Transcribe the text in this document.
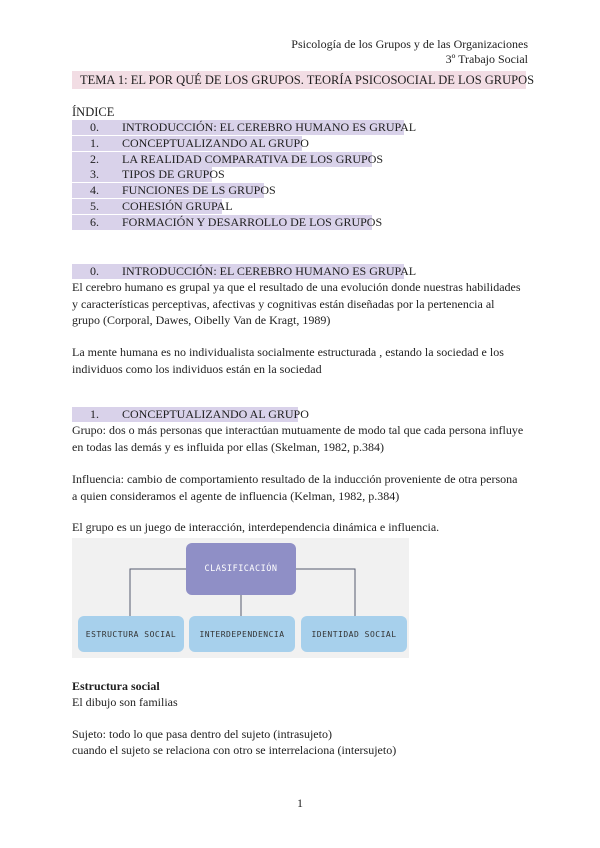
Psicología de los Grupos y de las Organizaciones
3º Trabajo Social
TEMA 1: EL POR QUÉ DE LOS GRUPOS. TEORÍA PSICOSOCIAL DE LOS GRUPOS
ÍNDICE
0. INTRODUCCIÓN: EL CEREBRO HUMANO ES GRUPAL
1. CONCEPTUALIZANDO AL GRUPO
2. LA REALIDAD COMPARATIVA DE LOS GRUPOS
3. TIPOS DE GRUPOS
4. FUNCIONES DE LS GRUPOS
5. COHESIÓN GRUPAL
6. FORMACIÓN Y DESARROLLO DE LOS GRUPOS
0. INTRODUCCIÓN: EL CEREBRO HUMANO ES GRUPAL
El cerebro humano es grupal ya que el resultado de una evolución donde nuestras habilidades
y características perceptivas, afectivas y cognitivas están diseñadas por la pertenencia al
grupo (Corporal, Dawes, Oibelly Van de Kragt, 1989)
La mente humana es no individualista socialmente estructurada , estando la sociedad e los
individuos como los individuos están en la sociedad
1. CONCEPTUALIZANDO AL GRUPO
Grupo: dos o más personas que interactúan mutuamente de modo tal que cada persona influye
en todas las demás y es influida por ellas (Skelman, 1982, p.384)
Influencia: cambio de comportamiento resultado de la inducción proveniente de otra persona
a quien consideramos el agente de influencia (Kelman, 1982, p.384)
El grupo es un juego de interacción, interdependencia dinámica e influencia.
CLASIFICACIÓN
ESTRUCTURA SOCIAL	INTERDEPENDENCIA	IDENTIDAD SOCIAL
Estructura social
El dibujo son familias
Sujeto: todo lo que pasa dentro del sujeto (intrasujeto)
cuando el sujeto se relaciona con otro se interrelaciona (intersujeto)
1
